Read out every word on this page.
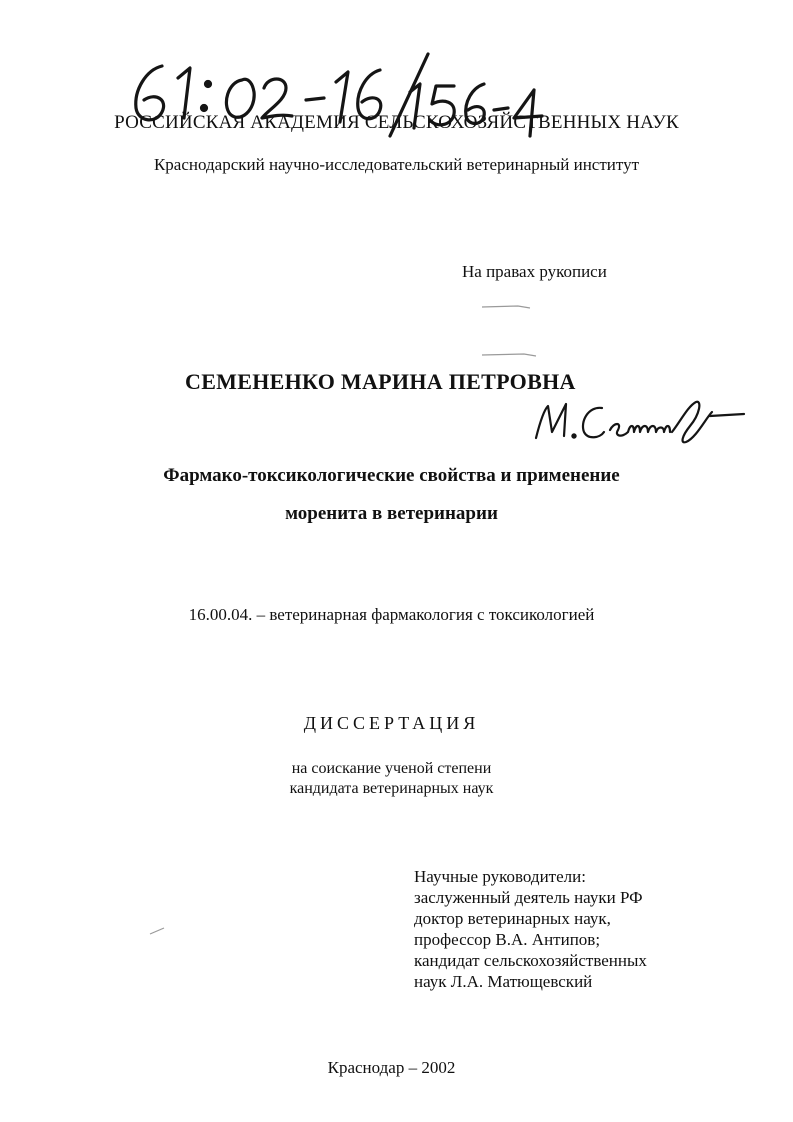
РОССИЙСКАЯ АКАДЕМИЯ СЕЛЬСКОХОЗЯЙСТВЕННЫХ НАУК
Краснодарский научно-исследовательский ветеринарный институт
На правах рукописи
СЕМЕНЕНКО МАРИНА ПЕТРОВНА
Фармако-токсикологические свойства и применение
моренита в ветеринарии
16.00.04. – ветеринарная фармакология с токсикологией
ДИССЕРТАЦИЯ
на соискание ученой степени
кандидата ветеринарных наук
Научные руководители:
заслуженный деятель науки РФ
доктор ветеринарных наук,
профессор В.А. Антипов;
кандидат сельскохозяйственных
наук Л.А. Матющевский
Краснодар – 2002
